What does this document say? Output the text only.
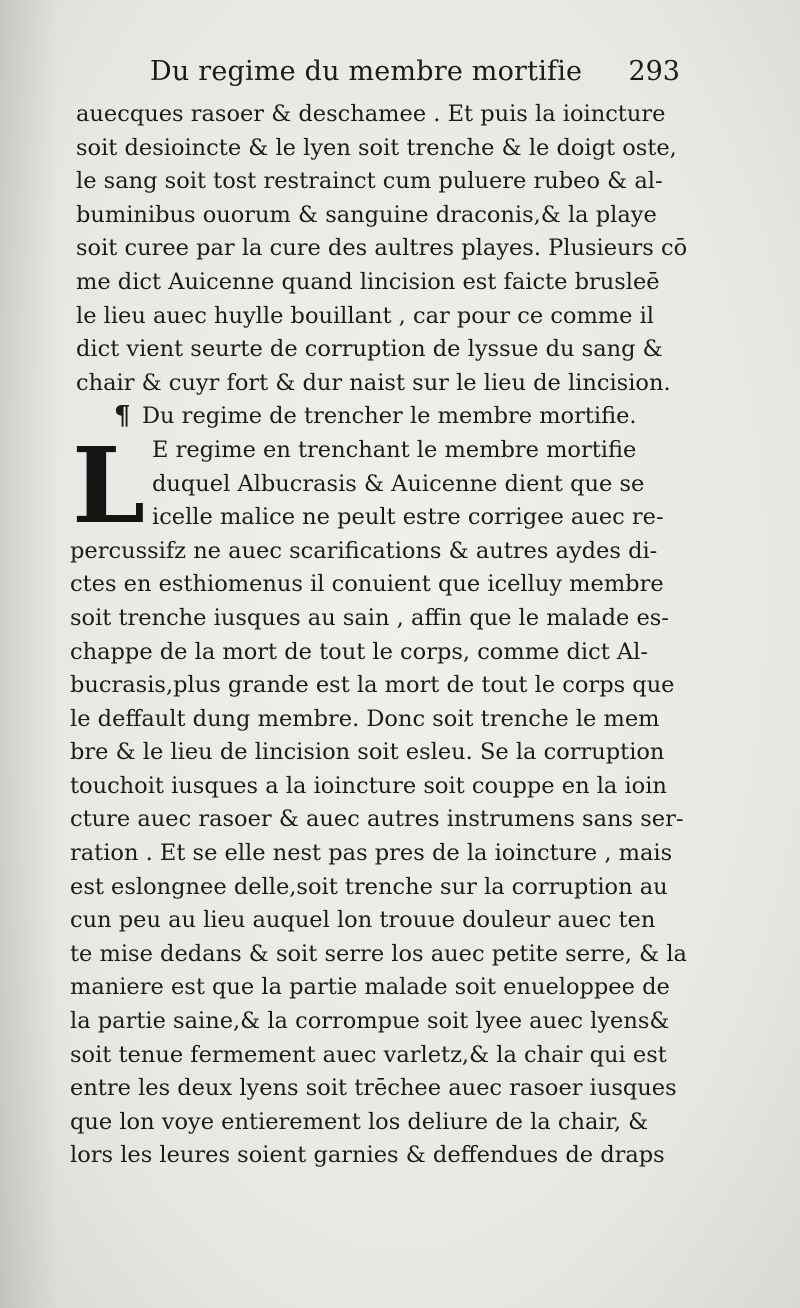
Du regime du membre mortifie 293
auecques rasoer & deschamee . Et puis la ioincture
soit desioincte & le lyen soit trenche & le doigt oste,
le sang soit tost restrainct cum puluere rubeo & al-
buminibus ouorum & sanguine draconis,& la playe
soit curee par la cure des aultres playes. Plusieurs cō
me dict Auicenne quand lincision est faicte brusleē
le lieu auec huylle bouillant , car pour ce comme il
dict vient seurte de corruption de lyssue du sang &
chair & cuyr fort & dur naist sur le lieu de lincision.
¶ Du regime de trencher le membre mortifie.
L E regime en trenchant le membre mortifie
duquel Albucrasis & Auicenne dient que se
icelle malice ne peult estre corrigee auec re-
percussifz ne auec scarifications & autres aydes di-
ctes en esthiomenus il conuient que icelluy membre
soit trenche iusques au sain , affin que le malade es-
chappe de la mort de tout le corps, comme dict Al-
bucrasis,plus grande est la mort de tout le corps que
le deffault dung membre. Donc soit trenche le mem
bre & le lieu de lincision soit esleu. Se la corruption
touchoit iusques a la ioincture soit couppe en la ioin
cture auec rasoer & auec autres instrumens sans ser-
ration . Et se elle nest pas pres de la ioincture , mais
est eslongnee delle,soit trenche sur la corruption au
cun peu au lieu auquel lon trouue douleur auec ten
te mise dedans & soit serre los auec petite serre, & la
maniere est que la partie malade soit enueloppee de
la partie saine,& la corrompue soit lyee auec lyens&
soit tenue fermement auec varletz,& la chair qui est
entre les deux lyens soit trēchee auec rasoer iusques
que lon voye entierement los deliure de la chair, &
lors les leures soient garnies & deffendues de draps
